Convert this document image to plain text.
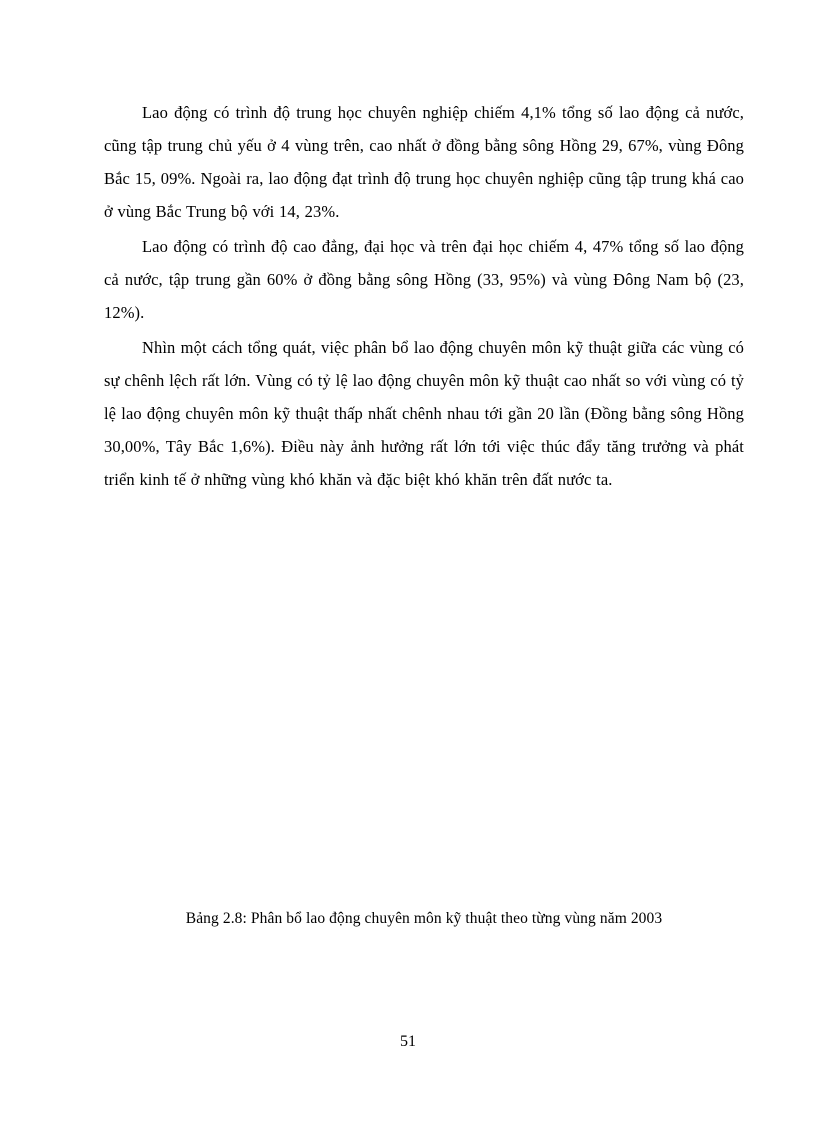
Lao động có trình độ trung học chuyên nghiệp chiếm 4,1% tổng số lao động cả nước, cũng tập trung chủ yếu ở 4 vùng trên, cao nhất ở đồng bằng sông Hồng 29, 67%, vùng Đông Bắc 15, 09%. Ngoài ra, lao động đạt trình độ trung học chuyên nghiệp cũng tập trung khá cao ở vùng Bắc Trung bộ với 14, 23%.

Lao động có trình độ cao đẳng, đại học và trên đại học chiếm 4, 47% tổng số lao động cả nước, tập trung gần 60% ở đồng bằng sông Hồng (33, 95%) và vùng Đông Nam bộ (23, 12%).

Nhìn một cách tổng quát, việc phân bổ lao động chuyên môn kỹ thuật giữa các vùng có sự chênh lệch rất lớn. Vùng có tỷ lệ lao động chuyên môn kỹ thuật cao nhất so với vùng có tỷ lệ lao động chuyên môn kỹ thuật thấp nhất chênh nhau tới gần 20 lần (Đồng bằng sông Hồng 30,00%, Tây Bắc 1,6%). Điều này ảnh hưởng rất lớn tới việc thúc đẩy tăng trưởng và phát triển kinh tế ở những vùng khó khăn và đặc biệt khó khăn trên đất nước ta.

Bảng 2.8: Phân bổ lao động chuyên môn kỹ thuật theo từng vùng năm 2003
51
